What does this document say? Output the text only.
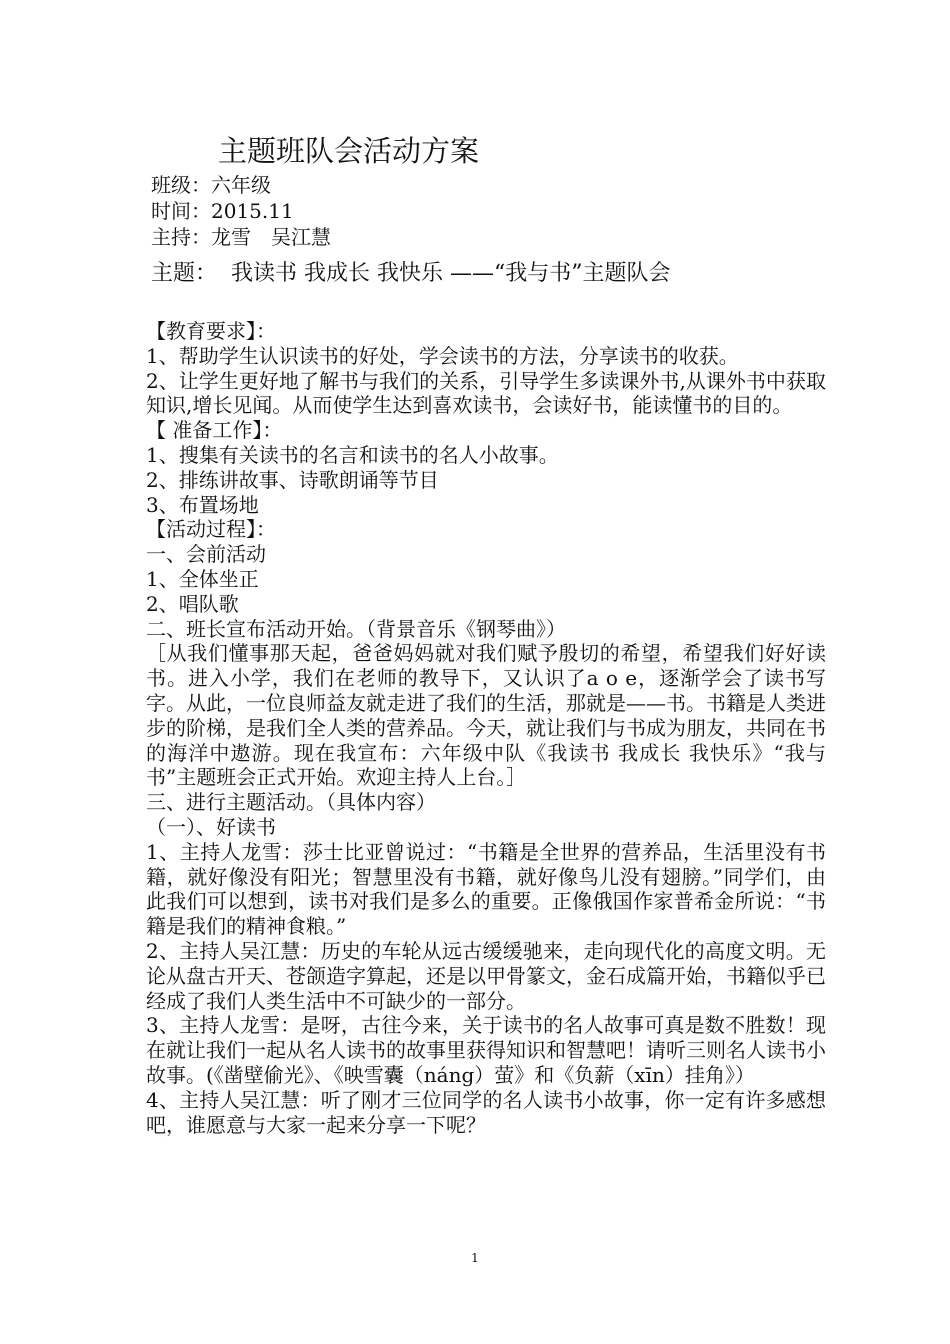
主题班队会活动方案
班级：六年级
时间：2015.11
主持：龙雪 吴江慧
主题： 我读书 我成长 我快乐 ——“我与书”主题队会

【教育要求】：

1、帮助学生认识读书的好处，学会读书的方法，分享读书的收获。

2、让学生更好地了解书与我们的关系，引导学生多读课外书,从课外书中获取知识,增长见闻。从而使学生达到喜欢读书，会读好书，能读懂书的目的。

【 准备工作】：

1、搜集有关读书的名言和读书的名人小故事。

2、排练讲故事、诗歌朗诵等节目

3、布置场地

【活动过程】：

一、会前活动

1、全体坐正

2、唱队歌

二、班长宣布活动开始。（背景音乐《钢琴曲》）

［从我们懂事那天起，爸爸妈妈就对我们赋予殷切的希望，希望我们好好读书。进入小学，我们在老师的教导下，又认识了a o e，逐渐学会了读书写字。从此，一位良师益友就走进了我们的生活，那就是——书。书籍是人类进步的阶梯，是我们全人类的营养品。今天，就让我们与书成为朋友，共同在书的海洋中遨游。现在我宣布：六年级中队《我读书 我成长 我快乐》“我与书”主题班会正式开始。欢迎主持人上台。］

三、进行主题活动。（具体内容）

（一）、好读书

1、主持人龙雪：莎士比亚曾说过：“书籍是全世界的营养品，生活里没有书籍，就好像没有阳光；智慧里没有书籍，就好像鸟儿没有翅膀。”同学们，由此我们可以想到，读书对我们是多么的重要。正像俄国作家普希金所说：“书籍是我们的精神食粮。”

2、主持人吴江慧：历史的车轮从远古缓缓驰来，走向现代化的高度文明。无论从盘古开天、苍颌造字算起，还是以甲骨篆文，金石成篇开始，书籍似乎已经成了我们人类生活中不可缺少的一部分。

3、主持人龙雪：是呀，古往今来，关于读书的名人故事可真是数不胜数！现在就让我们一起从名人读书的故事里获得知识和智慧吧！请听三则名人读书小故事。(《凿壁偷光》、《映雪囊（náng）萤》和《负薪（xīn）挂角》）

4、主持人吴江慧：听了刚才三位同学的名人读书小故事，你一定有许多感想吧，谁愿意与大家一起来分享一下呢？

1
